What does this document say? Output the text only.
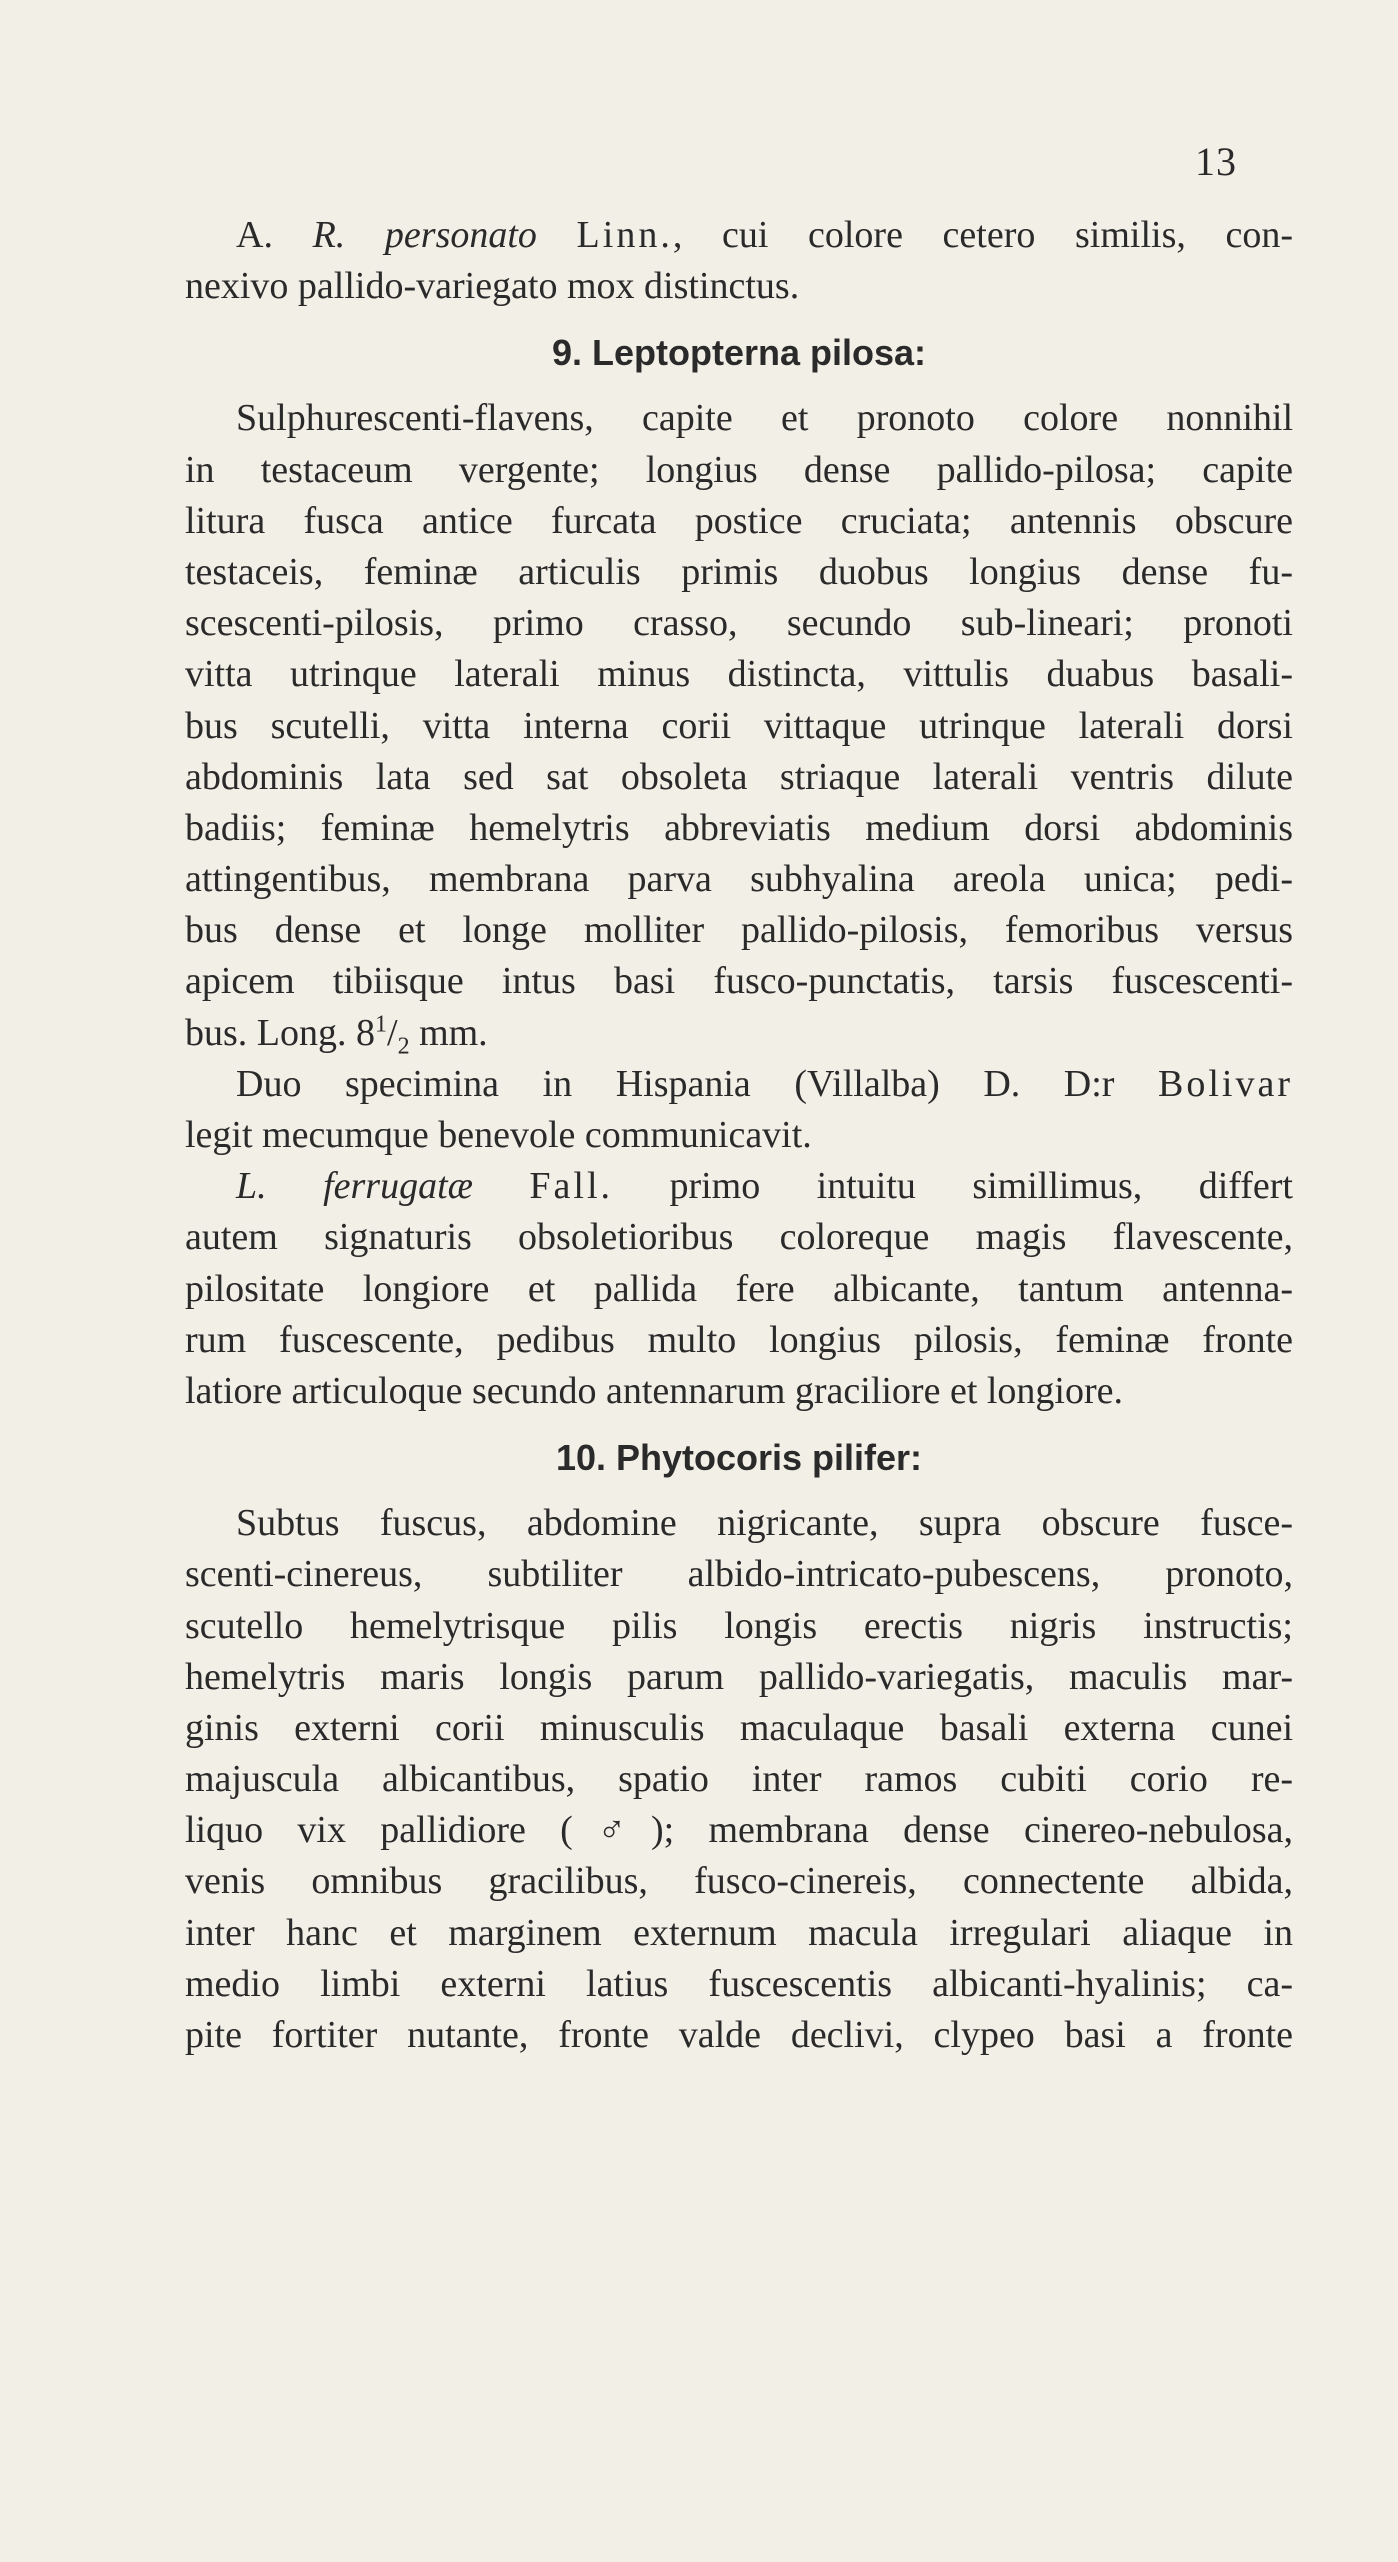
13
A. R. personato Linn., cui colore cetero similis, con-
nexivo pallido-variegato mox distinctus.
9. Leptopterna pilosa:
Sulphurescenti-flavens, capite et pronoto colore nonnihil
in testaceum vergente; longius dense pallido-pilosa; capite
litura fusca antice furcata postice cruciata; antennis obscure
testaceis, feminæ articulis primis duobus longius dense fu-
scescenti-pilosis, primo crasso, secundo sub-lineari; pronoti
vitta utrinque laterali minus distincta, vittulis duabus basali-
bus scutelli, vitta interna corii vittaque utrinque laterali dorsi
abdominis lata sed sat obsoleta striaque laterali ventris dilute
badiis; feminæ hemelytris abbreviatis medium dorsi abdominis
attingentibus, membrana parva subhyalina areola unica; pedi-
bus dense et longe molliter pallido-pilosis, femoribus versus
apicem tibiisque intus basi fusco-punctatis, tarsis fuscescenti-
bus. Long. $8^1/_2$ mm.
Duo specimina in Hispania (Villalba) D. D:r Bolivar
legit mecumque benevole communicavit.
L. ferrugatæ Fall. primo intuitu simillimus, differt
autem signaturis obsoletioribus coloreque magis flavescente,
pilositate longiore et pallida fere albicante, tantum antenna-
rum fuscescente, pedibus multo longius pilosis, feminæ fronte
latiore articuloque secundo antennarum graciliore et longiore.
10. Phytocoris pilifer:
Subtus fuscus, abdomine nigricante, supra obscure fusce-
scenti-cinereus, subtiliter albido-intricato-pubescens, pronoto,
scutello hemelytrisque pilis longis erectis nigris instructis;
hemelytris maris longis parum pallido-variegatis, maculis mar-
ginis externi corii minusculis maculaque basali externa cunei
majuscula albicantibus, spatio inter ramos cubiti corio re-
liquo vix pallidiore (♂); membrana dense cinereo-nebulosa,
venis omnibus gracilibus, fusco-cinereis, connectente albida,
inter hanc et marginem externum macula irregulari aliaque in
medio limbi externi latius fuscescentis albicanti-hyalinis; ca-
pite fortiter nutante, fronte valde declivi, clypeo basi a fronte
